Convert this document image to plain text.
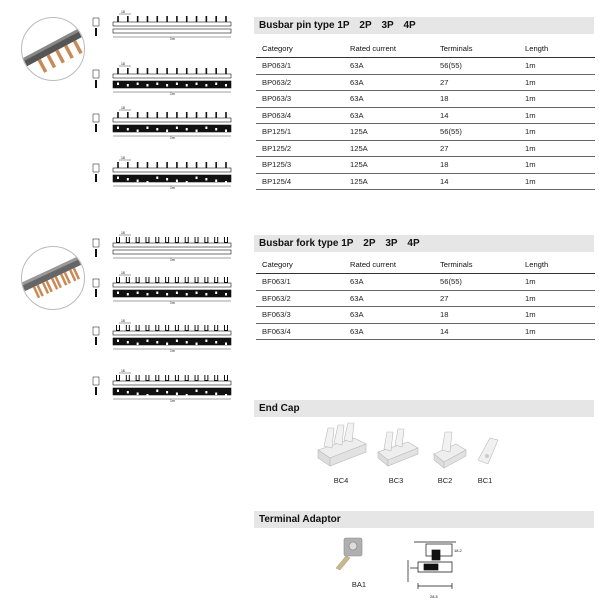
Busbar pin type 1P　2P　3P　4P
Busbar fork type 1P　2P　3P　4P
End Cap
Terminal Adaptor
Category	Rated current	Terminals	Length
BP063/1	63A	56(55)	1m
BP063/2	63A	27	1m
BP063/3	63A	18	1m
BP063/4	63A	14	1m
BP125/1	125A	56(55)	1m
BP125/2	125A	27	1m
BP125/3	125A	18	1m
BP125/4	125A	14	1m
Category	Rated current	Terminals	Length
BF063/1	63A	56(55)	1m
BF063/2	63A	27	1m
BF063/3	63A	18	1m
BF063/4	63A	14	1m
18
1m
18
1m
18
1m
18
1m
18
1m
18
1m
18
1m
18
1m
BC4	BC3	BC2	BC1
BA1
28.5
18.2
